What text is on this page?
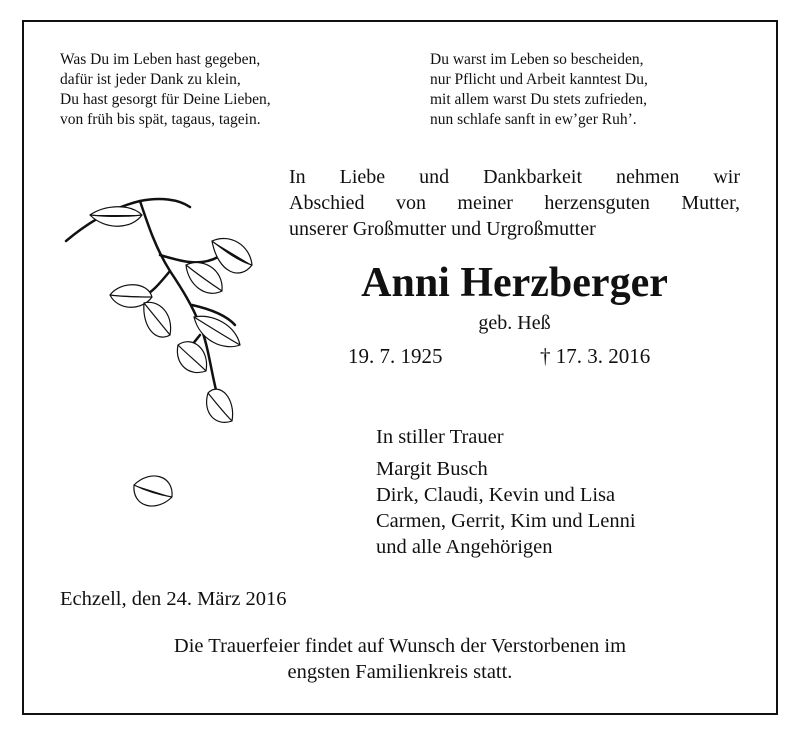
Was Du im Leben hast gegeben,
dafür ist jeder Dank zu klein,
Du hast gesorgt für Deine Lieben,
von früh bis spät, tagaus, tagein.
Du warst im Leben so bescheiden,
nur Pflicht und Arbeit kanntest Du,
mit allem warst Du stets zufrieden,
nun schlafe sanft in ew’ger Ruh’.
In Liebe und Dankbarkeit nehmen wir
Abschied von meiner herzensguten Mutter,
unserer Großmutter und Urgroßmutter
Anni Herzberger
geb. Heß
19. 7. 1925	† 17. 3. 2016
In stiller Trauer
Margit Busch
Dirk, Claudi, Kevin und Lisa
Carmen, Gerrit, Kim und Lenni
und alle Angehörigen
Echzell, den 24. März 2016
Die Trauerfeier findet auf Wunsch der Verstorbenen im
engsten Familienkreis statt.
